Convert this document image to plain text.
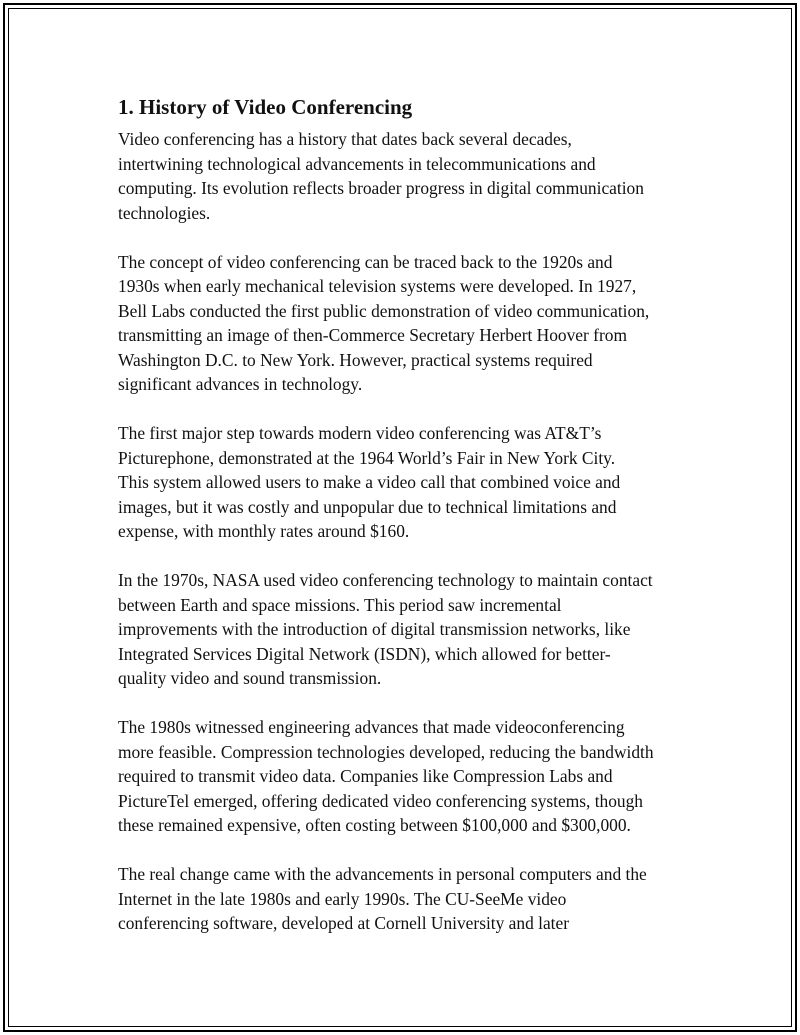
1. History of Video Conferencing
Video conferencing has a history that dates back several decades,
intertwining technological advancements in telecommunications and
computing. Its evolution reflects broader progress in digital communication
technologies.
The concept of video conferencing can be traced back to the 1920s and
1930s when early mechanical television systems were developed. In 1927,
Bell Labs conducted the first public demonstration of video communication,
transmitting an image of then-Commerce Secretary Herbert Hoover from
Washington D.C. to New York. However, practical systems required
significant advances in technology.
The first major step towards modern video conferencing was AT&T’s
Picturephone, demonstrated at the 1964 World’s Fair in New York City.
This system allowed users to make a video call that combined voice and
images, but it was costly and unpopular due to technical limitations and
expense, with monthly rates around $160.
In the 1970s, NASA used video conferencing technology to maintain contact
between Earth and space missions. This period saw incremental
improvements with the introduction of digital transmission networks, like
Integrated Services Digital Network (ISDN), which allowed for better-
quality video and sound transmission.
The 1980s witnessed engineering advances that made videoconferencing
more feasible. Compression technologies developed, reducing the bandwidth
required to transmit video data. Companies like Compression Labs and
PictureTel emerged, offering dedicated video conferencing systems, though
these remained expensive, often costing between $100,000 and $300,000.
The real change came with the advancements in personal computers and the
Internet in the late 1980s and early 1990s. The CU-SeeMe video
conferencing software, developed at Cornell University and later
